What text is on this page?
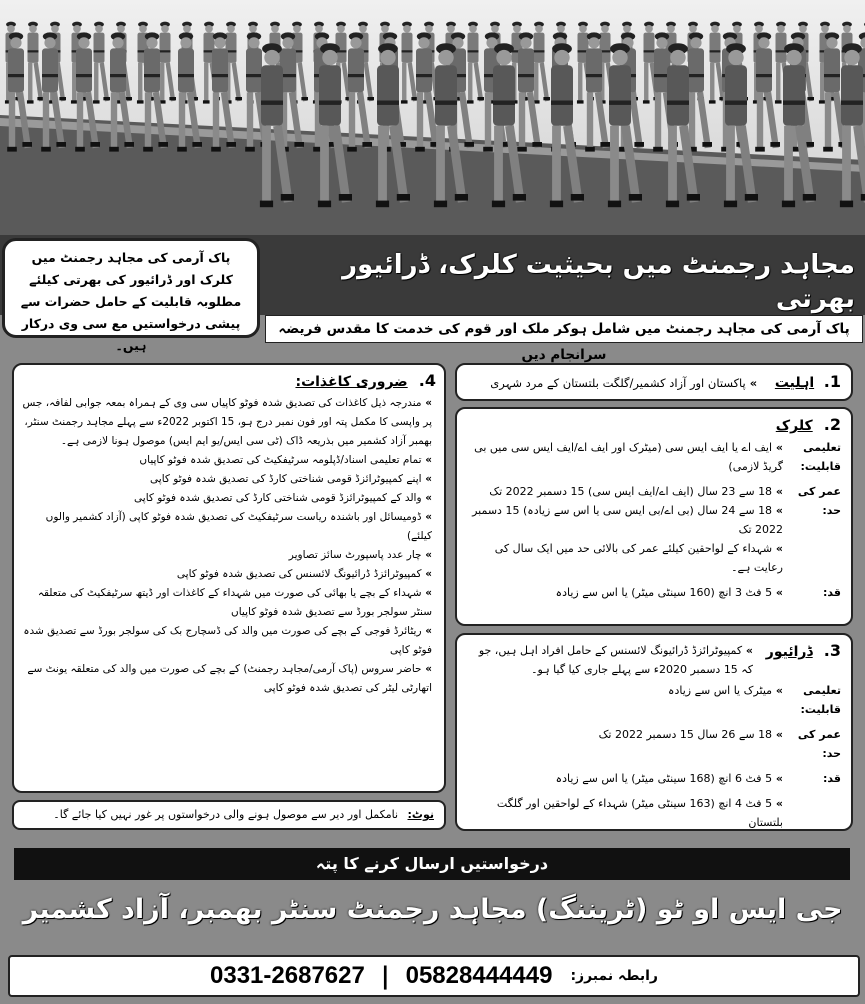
مجاہد رجمنٹ میں بحیثیت کلرک، ڈرائیور بھرتی
پاک آرمی کی مجاہد رجمنٹ میں کلرک اور ڈرائیور کی بھرتی کیلئے مطلوبہ قابلیت کے حامل حضرات سے پیشی درخواستیں مع سی وی درکار ہیں۔
پاک آرمی کی مجاہد رجمنٹ میں شامل ہوکر ملک اور قوم کی خدمت کا مقدس فریضہ سرانجام دیں
1. اہلیت » پاکستان اور آزاد کشمیر/گلگت بلتستان کے مرد شہری
2. کلرک
تعلیمی قابلیت:
» ایف اے یا ایف ایس سی (میٹرک اور ایف اے/ایف ایس سی میں بی گریڈ لازمی)
عمر کی حد:
» 18 سے 23 سال (ایف اے/ایف ایس سی) 15 دسمبر 2022 تک
» 18 سے 24 سال (بی اے/بی ایس سی یا اس سے زیادہ) 15 دسمبر 2022 تک
» شہداء کے لواحقین کیلئے عمر کی بالائی حد میں ایک سال کی رعایت ہے۔
قد:
» 5 فٹ 3 انچ (160 سینٹی میٹر) یا اس سے زیادہ
3. ڈرائیور
» کمپیوٹرائزڈ ڈرائیونگ لائسنس کے حامل افراد اہل ہیں، جو کہ 15 دسمبر 2020ء سے پہلے جاری کیا گیا ہو۔
تعلیمی قابلیت:
» میٹرک یا اس سے زیادہ
عمر کی حد:
» 18 سے 26 سال 15 دسمبر 2022 تک
قد:
» 5 فٹ 6 انچ (168 سینٹی میٹر) یا اس سے زیادہ
» 5 فٹ 4 انچ (163 سینٹی میٹر) شہداء کے لواحقین اور گلگت بلتستان
4. ضروری کاغذات:
» مندرجہ ذیل کاغذات کی تصدیق شدہ فوٹو کاپیاں سی وی کے ہمراہ بمعہ جوابی لفافہ، جس پر واپسی کا مکمل پتہ اور فون نمبر درج ہو، 15 اکتوبر 2022ء سے پہلے مجاہد رجمنٹ سنٹر، بھمبر آزاد کشمیر میں بذریعہ ڈاک (ٹی سی ایس/یو ایم ایس) موصول ہونا لازمی ہے۔
» تمام تعلیمی اسناد/ڈپلومہ سرٹیفکیٹ کی تصدیق شدہ فوٹو کاپیاں
» اپنے کمپیوٹرائزڈ قومی شناختی کارڈ کی تصدیق شدہ فوٹو کاپی
» والد کے کمپیوٹرائزڈ قومی شناختی کارڈ کی تصدیق شدہ فوٹو کاپی
» ڈومیسائل اور باشندہ ریاست سرٹیفکیٹ کی تصدیق شدہ فوٹو کاپی (آزاد کشمیر والوں کیلئے)
» چار عدد پاسپورٹ سائز تصاویر
» کمپیوٹرائزڈ ڈرائیونگ لائسنس کی تصدیق شدہ فوٹو کاپی
» شہداء کے بچے یا بھائی کی صورت میں شہداء کے کاغذات اور ڈیتھ سرٹیفکیٹ کی متعلقہ سنٹر سولجر بورڈ سے تصدیق شدہ فوٹو کاپیاں
» ریٹائرڈ فوجی کے بچے کی صورت میں والد کی ڈسچارج بک کی سولجر بورڈ سے تصدیق شدہ فوٹو کاپی
» حاضر سروس (پاک آرمی/مجاہد رجمنٹ) کے بچے کی صورت میں والد کی متعلقہ یونٹ سے اتھارٹی لیٹر کی تصدیق شدہ فوٹو کاپی
نوٹ: نامکمل اور دیر سے موصول ہونے والی درخواستوں پر غور نہیں کیا جائے گا۔
درخواستیں ارسال کرنے کا پتہ
جی ایس او ٹو (ٹریننگ) مجاہد رجمنٹ سنٹر بھمبر، آزاد کشمیر
رابطہ نمبرز:
05828444449
|
0331-2687627
